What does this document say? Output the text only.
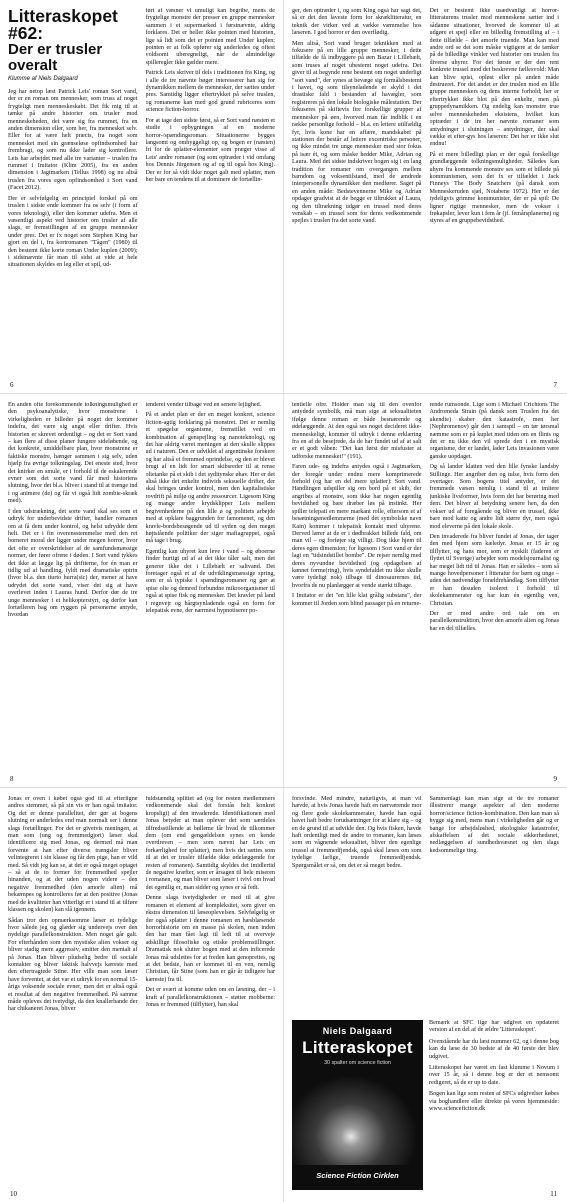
Litteraskopet #62:
Der er trusler overalt
Klumme af Niels Dalgaard

Jeg har netop læst Patrick Leis' roman Sort vand, der er en roman om mennesker, som truss af noget frygteligt men menneskeskabt. Det fik mig til at tænke på andre historier om trusler mod menneskeheden, det være sig fra rummet, fra en anden dimension eller, som her, fra mennesket selv. Eller for at være helt præcis, fra noget som mennesket med sin grænseløse opfindsomhed har frembragt, og som nu ikke lader sig kontrollere. Leis har arbejdet med alle tre varianter – truslen fra rummet i Imitator (Klim 2005), fra en anden dimension i Jagtmarken (Tellus 1998) og nu altså truslen fra vores egen opfindsomhed i Sort vand (Facet 2012).

Der er selvfølgelig en principiel forskel på om truslen i sidste ende kommer fra os selv (i form af vores teknologi), eller den kommer udefra. Men et væsentligt aspekt ved historier om trusler af alle slags, er fremstillingen af en gruppe mennesker under pres. Det er fx noget som Stephen King har gjort en del i, fra kortromanen "Tågen" (1980) til den bestemt ikke korte roman Under kuplen (2009); i sidstnævnte får man til sidst at vide at hele situationen skyldes en leg eller et spil, ud-

ført af væsner vi umuligt kan begribe, mens de frygtelige monstre der presser en gruppe mennesker sammen i et supermarked i førstnævnte, aldrig forklares. Det er heller ikke pointen med historien, lige så lidt som det er pointen med Under kuplen; pointen er at folk opfører sig anderledes og oftest voldsomt uberegneligt, når de almindelige spilleregler ikke gælder mere.

Patrick Leis skriver til dels i traditionen fra King, og i alle de tre nævnte bøger interesserer han sig for dynamikken mellem de mennesker, der sættes under pres. Samtidig ligger eftertrykket på selve truslen, og romanerne kan med god grund rubriceres som science fiction-horror.

For at tage den sidste først, så er Sort vand næsten et studie i opbygningen af en moderne horror-/spændingsroman. Situationerne bygges langsomt og omhyggeligt op, og bogen er (næsten) fri for de splatter-elementer som præger visse af Leis' andre romaner (og som optræder i vid omfang hos Dennis Jürgensen og af og til også hos King). Der er for så vidt ikke noget galt med splatter, men her bare en tendens til at dominere de fortællin-

6

ger, den optræder i, og som King også har sagt det, så er det den laveste form for skræklitteratur, en teknik der virker ved at vække væmmelse hos læseren. I god horror er den overflødig.

Men altså, Sort vand bruger teknikken med at fokusere på en lille gruppe mennesker, i dette tilfælde de få indbyggere på øen Bazar i Lillebælt, som truses af noget ubestemt noget udefra. Det giver til at begynde rene bestemt om noget underligt "sort vand", der synes at bevæge sig formålsbestemt i havet, og som tilsyneladende er skyld i det drastiske fald i bestanden af havægler, som registreres på den lokale biologiske målestation. Der fokuseres på skiftevis fire forskellige grupper af mennesker på øen, hvorved man får indblik i en række personlige forhold – bl.a. en lettere utilfældig fyr, hvis kone har en affære, mandskabet på stationen der består af lettere excentriske personer, og ikke mindst tre unge mennesker med stor fokus på især ét, og som måske hedder Mike, Adrian og Laura. Med det sidste indskriver bogen sig i en lang tradition for romaner om overgangen mellem barndom og voksentilstand, med de ændrede interpersonelle dynamikker den medfører. Saget på en anden måde: Bedstevennerne Mike og Adrian opdager gradvist at de begge er tiltrukket af Laura, og den tiltrækning udgør en trussel mod deres venskab – en trussel som for deres vedkommende spejles i truslen fra det sorte vand.

Det er bestemt ikke usædvanligt at horror-litteraturens trusler mod menneskene sætter ind i sådanne situationer, hvorved de kommer til at udgøre et spejl eller en billedlig fremstilling af – i dette tilfælde – det amorfe truende. Man kan med andre ord se det som måske vigtigere at de tænker på de billedlige vinkler ved historier om truslen fra diverse uhyrer. For det første er der den rent konkrete trussel mod det beskrevne fællesvold: Man kan blive spist, opløst eller på anden måde destrueret. For det andet er der truslen mod en lille gruppe menneskers og dens interne forhold; her er eftertrykket ikke blot på den enkelte, men på gruppedynamikken. Og endelig kan monstre true selve menneskeheden eksistens, hvilket kun optræder i de tre her nævnte romaner som antydninger i slutningen – antydninger, der skal vække et efter-gys hos læseren: Det her er ikke slut endnu!

På et mere billedligt plan er der også forskellige grundlæggende tolkningsmuligheder. Således kan uhyre fra kommende monstre ses som et billede på kommunismen, som det fx er tilfældet i Jack Finneys The Body Snatchers (på dansk som Menneskeruden sjæl, Notabene 1972). Her er det tydeligvis grimme kommunister, der er på spil: De ligner rigtige mennesker, men de vokser i frøkapsler, lever kun i fem år (jf. femårsplanerne) og styres af en gruppebevidsthed.

7

En anden ofte forekommende tolkningsmulighed er den psykoanalytiske, hvor monstrene i virkeligheden er billeder på noget der kommer indefra, det være sig angst eller drifter. Hvis historien er skrevet ordentligt – og det er Sort vand – kan flere af disse planer fungere sideløbende, og det konkrete, umiddelbare plan, hvor monstrene er faktiske monstre, hænger sammen i sig selv, uden hjælp fra øvrige tolkningslag. Det eneste sted, hvor det knirker en smule, er i forhold til de eskalerende evner som det sorte vand får med historiens slutning, hvor det bl.a. bliver i stand til at trænge ind i og animere (de) og får vi også lidt zombie-skræk med).

I den udstrækning, det sorte vand skal ses som et udtryk for underbevidste drifter, handler romanen om at få dem under kontrol, og helst udrydde dem helt. Det er i fin overensstemmelse med den ret borneret moral der ligger under megen horror, hvor det ofte er overskridelser af de samfundsmæssige normer, der fører ofrene i døden. I Sort vand tykkes det ikke at lægge lig på driftterne, for én man er tidlig ud af handling, fyldt med dramatiske optrin (hvor bl.a. den tiurto hurra(sic) der, mener at have udrydet det sorte vand, viser det sig at have overlevet inden i Lauras hund. Derfor dør de tre unge mennesker i et helikopterstyrt, og derfor kan fortælleren bag om ryggen på personerne antyde, hvordan

tenderet vender tilbage ved en senere lejlighed.

På et andet plan er der en meget konkret, science fiction-agtig forklaring på monstret. Det er nemlig et spøgelse organisme, fremstillet ved en kombination af genspejling og nanoteknologi, og det har aldrig været meningen at den skulle slippes ud i naturen. Den er udviklet af argentinske forskere og har altså et fremmed oprindelse, og den er blevet brugt af en lidt for smart skibsreder til at rense olietanke på et skib i det syditynske øhav. Her er det altså ikke det enkelte individs seksuelle drifter, der skal bringes under kontrol, men den kapitalistiske rovdrift på miljø og andre ressourcer. Ligesom King og mange andre krydsklipper Leis mellem begivenhederne på den lille ø og politiets arbejde med at opklare baggrunden for fænomenet, og den kravle-bordsbesøgende ud til syden og den meget højtstående politiker der siger mafiagruppet, også må tage i brug.

Egentlig kan uhyret kun leve i vand – og øboerne finder hurtigt ud af at det ikke tåler salt, men det generer ikke det i Lillebælt er saltvand. Det foretager også et af de udviklingsmæssige spring, som er så typiske i spændingsromaner og gør at spise olie og demred forbundne mikroorganismer til også at spise fisk og mennesker. Det kravler på land i regnvejr og hårgtsynladende også en form for telepatisk evne, der nærmest hypnotiserer po-

8

tentielle ofre. Holder man sig til den ovenfor antydede symbolik, må man sige at seksualiteten ifølge denne roman er både besnærende og ødelæggende. At den også ses noget decideret ikke-menneskeligt, kommer til udtryk i denne erklæring fra en af de besejrede, da de har fundet ud af at salt er et godt våben: "Det kan først der misfuster at udforske mennesket!" (191).

Faren ude- og indefra antydes også i Jagtmarken, der foregår under endnu mere komprimerede forhold (og har en del mere splatter): Sort vand. Handlingen udspiller sig om bord på et skib, der angribes af monstre, som ikke har nogen egentlig bevidsthed og bare dræber løs på instinkt. Her spiller telepati en mere markant rolle, eftersom et af besætningsmedlemmerne (med det symbolske navn Kain) kommer i telepatisk kontakt med uhyrene. Derved lærer at de er i dødbrakket billede fald, om man vil – og forføjer sig villigt. Dog ikke hjem til deres egen dimension; for ligesom i Sort vand er der lagt en "tidsindstillet bombe". De rejser nemlig med deres nyvundne bevidsthed (og opdagelsen af kønnet forme(ring), hvis syndefaldet nu ikke skulle være tydeligt nok) tilbage til dinosaurernes tid, hvorfra de nu planlægger at vende stærkt tilbage.

I Imitator er det "en lille klat grålig substans", der kommer til Jorden som blind passager på en returne-

rende rumsonde. Lige som i Michael Crichtons The Andromeda Strain (på dansk som Truslen fra det ukendte) skaber den katastrofe, men her (Nephromenov) går den i samspil – en tør tørsmal næmme som er på kuplet med tiden om en flints og det er nu ikke den vil sprede den i en mystisk organisme, der er landet, lader Leis invasionen være ganske uopdaget.

Og så lander klatten ved den lille fynske landsby Stillinge. Her angriber den og tulse, hvis form den overtager. Som bogens titel antyder, er det fremmede væsen nemlig i stand til at imitere junkiske livsformer, hvis form det har berøring med dem. Det bliver af betydning senere hen, da den vokser ud af foregående og bliver en trussel, ikke bare mod katte og andre lidt større dyr, men også mod eleverne på den lokale skole.

Den invaderede fra bliver fundet af Jonas, der tager den med hjem som kæledyr. Jonas er 15 år og tilflytter, og hans mor, som er nyskilt (faderen er flyttet til Sverige) arbejder som modelsjournalist og har meget lidt tid til Jonas. Han er således – som så mange hovedpersoner i litteratur for børn og unge – uden det nødvendige forældrehåndlag. Som tilflytter er han desuden isoleret i forhold til skolekammerater og har kun én egentlig ven, Christian.

Der er med andre ord tale om en parallelkonstruktion, hvor den amorfe alien og Jonas har en del tilfælles.

9

Jonas er oven i købet også god til at efterligne andres stemmer, så på sin vis er han også imitator. Og det er denne parallelitet, der gør at bogens slutning er anderledes end man normalt ser i denne slags fortællinger. For det er givetvis meningen, at man som (ung og fremmedgjort) læser skal identificere sig med Jonas, og dermed må man forvente at han efter diverse trængsler bliver velintegreret i sin klasse og får den pige, han er vild med. Så vidt jeg kan se, at det er også meget optaget – så at de to former for fremmedhed spejler hinanden, og at der uden nogen videre – den negative fremmedhed (den amorfe alien) må bekæmpes og kontrolleres før at den positive (Jonas med de kvaliteter han vitterligt er i stand til at tilføre klassen og skolen) kan slå igennem.

Sådan tror den opmærksomme læser et tydelige hvor sålede jeg og glæder sig undervejs over den nydelige parallelkonstruktion. Men noget går galt. For efterhånden som den mystiske alien vokser og bliver stadig mere aggressiv, smitter den mentalt af på Jonas. Han bliver pludselig bedre til sociale kontakter og bliver faktisk halvvejs kæreste med den eftertragtede Stine. Her ville man som læser have forventet, at det var et udtryk for en normal 15-årigs voksende sociale evner, men det er altså også et resultat af den negative fremmedhed. På samme måde opleves det tvetydigt, da den knallerbande der har chikaneret Jonas, bliver

fuldstændig splittet ad (og for resten medlemmers vedkommende skal det forstås helt konkret kropsligt) af den invaderede. Identifikationen med Jonas betyder at man oplever det som særdeles tilfredsstillende at bølleme får hvad de tilkommer dem (om end gengældelsen synes en kende overdreven – men som nævnt har Leis en forkærlighed for splatter), men hvis det sættes som til at det er trusler tilfælde ikke ødelæggende for resten af romanen). Samtidig skyldes det imidlertid de negative kræfter, som er årsagen til hele miseren i romanen, og man bliver som læser i tvivl om hvad det egentlig er, man sidder og synes er så fedt.

Denne slags tvetydigheder er med til at give romanen et element af kompleksitet, som giver en ekstra dimension til læseoplevelsen. Selvfølgelig er der også splatter i denne romanen en hæsblæsende horrorhistorie om en masse på skolen, men inden den har man fået lagt til ledt til at overveje adskillige filosofiske og etiske problemstillinger. Dramatisk nok slutter bogen med at den inficerede Jonas må udslettes for at freden kan genoprettes, og at det bedste, han er kommet til en ven, nemlig Christian, får Stine (som han er går år tidligere har kæreste) fra til.

Det er svært at komme uden om en læsning, der – i kraft af parallelkonstruktionen – støtter mobberne: Jonas er fremmed (tilflytter), han skal

10

forsvinde. Med mindre, naturligvis, at man vil hævde, at hvis Jonas havde haft en nærværende mor og flere gode skolekammerater, havde han også havet haft bedre forudsætninger for at klare sig – og en de grund til at udvikle den. Og hvis fisken, havde haft ordentligt med de andre to romaner, kan læses som en vågnende seksualitet, bliver den egenlige trussel at fremmedfjendsk, også skal læses om som tydelige farlige, truende fremmedfjendsk. Spørgsmålet er så, om det er så meget bedre.

Sammenlagt kan man sige at de tre romaner illustrerer mange aspekter af den moderne horror/science fiction-kombination. Den kan man så hygge sig med, mens man i virkeligheden går og er bange for arbejdsløshed, økologiske katastrofer, afskaffelsen af det sociale sikkerhedsnet, nedlæggelsen af sundhedsvæsnet og den slags kedsommelige ting.

Niels Dalgaard
Litteraskopet
30 spalter om science fiction
Science Fiction Cirklen

Bemærk at SFC lige har udgivet en opdateret version af en del af de ældre 'Litteraskopet'.

Ovenstående har du læst nummer 62, og i denne bog kan du læse de 30 bedste af de 40 første der blev udgivet.

Litteraskopet har været en fast klumme i Novum i over 15 år, så i denne bog er der et nemsomt redigeret, så de er up to date.

Bogen kan lige som resten af SFCs udgivelser købes via boghandlere eller direkte på vores hjemmeside: www.sciencefiction.dk

11
